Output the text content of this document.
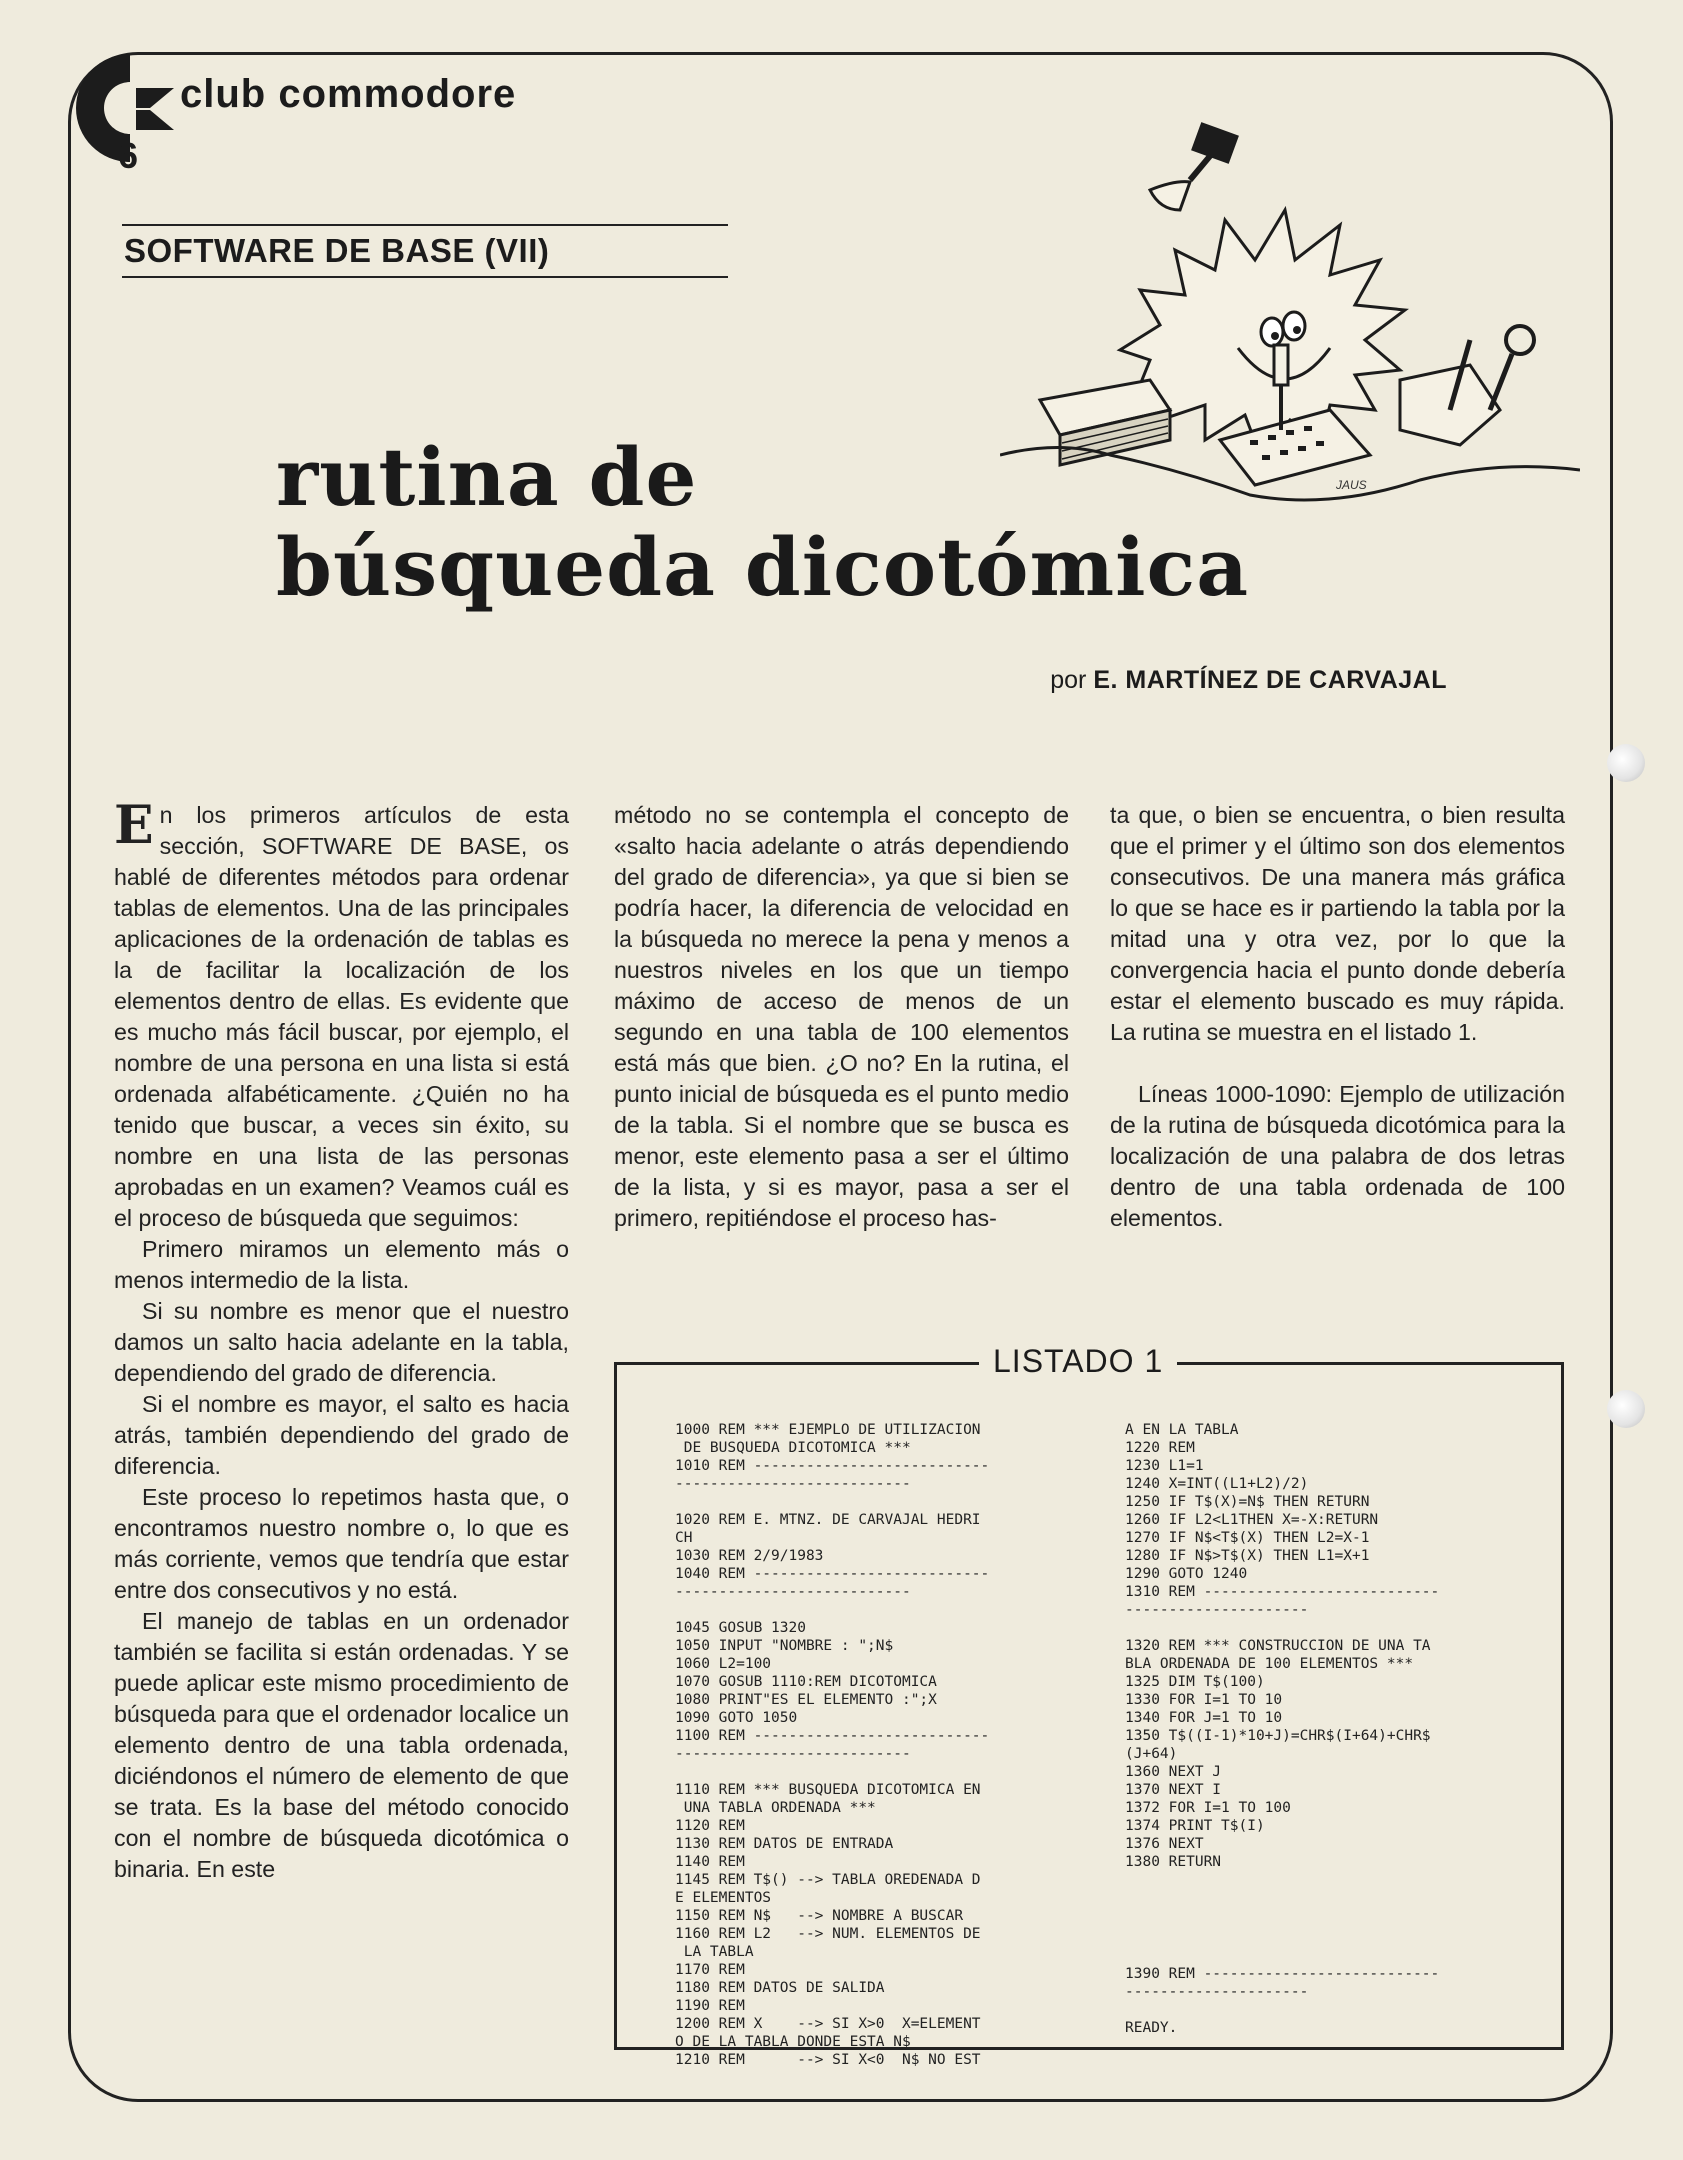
club commodore
6
SOFTWARE DE BASE (VII)
JAUS
rutina de
búsqueda dicotómica
por E. MARTÍNEZ DE CARVAJAL

En los primeros artículos de esta sección, SOFTWARE DE BASE, os hablé de diferentes métodos para ordenar tablas de elementos. Una de las principales aplicaciones de la ordenación de tablas es la de facilitar la localización de los elementos dentro de ellas. Es evidente que es mucho más fácil buscar, por ejemplo, el nombre de una persona en una lista si está ordenada alfabéticamente. ¿Quién no ha tenido que buscar, a veces sin éxito, su nombre en una lista de las personas aprobadas en un examen? Veamos cuál es el proceso de búsqueda que seguimos:

Primero miramos un elemento más o menos intermedio de la lista.

Si su nombre es menor que el nuestro damos un salto hacia adelante en la tabla, dependiendo del grado de diferencia.

Si el nombre es mayor, el salto es hacia atrás, también dependiendo del grado de diferencia.

Este proceso lo repetimos hasta que, o encontramos nuestro nombre o, lo que es más corriente, vemos que tendría que estar entre dos consecutivos y no está.

El manejo de tablas en un ordenador también se facilita si están ordenadas. Y se puede aplicar este mismo procedimiento de búsqueda para que el ordenador localice un elemento dentro de una tabla ordenada, diciéndonos el número de elemento de que se trata. Es la base del método conocido con el nombre de búsqueda dicotómica o binaria. En este

método no se contempla el concepto de «salto hacia adelante o atrás dependiendo del grado de diferencia», ya que si bien se podría hacer, la diferencia de velocidad en la búsqueda no merece la pena y menos a nuestros niveles en los que un tiempo máximo de acceso de menos de un segundo en una tabla de 100 elementos está más que bien. ¿O no? En la rutina, el punto inicial de búsqueda es el punto medio de la tabla. Si el nombre que se busca es menor, este elemento pasa a ser el último de la lista, y si es mayor, pasa a ser el primero, repitiéndose el proceso has-

ta que, o bien se encuentra, o bien resulta que el primer y el último son dos elementos consecutivos. De una manera más gráfica lo que se hace es ir partiendo la tabla por la mitad una y otra vez, por lo que la convergencia hacia el punto donde debería estar el elemento buscado es muy rápida. La rutina se muestra en el listado 1.

Líneas 1000-1090: Ejemplo de utilización de la rutina de búsqueda dicotómica para la localización de una palabra de dos letras dentro de una tabla ordenada de 100 elementos.

LISTADO 1
1000 REM *** EJEMPLO DE UTILIZACION
DE BUSQUEDA DICOTOMICA ***
1010 REM ---------------------------
---------------------------

1020 REM E. MTNZ. DE CARVAJAL HEDRI
CH
1030 REM 2/9/1983
1040 REM ---------------------------
---------------------------

1045 GOSUB 1320
1050 INPUT "NOMBRE : ";N$
1060 L2=100
1070 GOSUB 1110:REM DICOTOMICA
1080 PRINT"ES EL ELEMENTO :";X
1090 GOTO 1050
1100 REM ---------------------------
---------------------------

1110 REM *** BUSQUEDA DICOTOMICA EN
UNA TABLA ORDENADA ***
1120 REM
1130 REM DATOS DE ENTRADA
1140 REM
1145 REM T$() --> TABLA OREDENADA D
E ELEMENTOS
1150 REM N$   --> NOMBRE A BUSCAR
1160 REM L2   --> NUM. ELEMENTOS DE
LA TABLA
1170 REM
1180 REM DATOS DE SALIDA
1190 REM
1200 REM X    --> SI X>0  X=ELEMENT
O DE LA TABLA DONDE ESTA N$
1210 REM      --> SI X<0  N$ NO EST
A EN LA TABLA
1220 REM
1230 L1=1
1240 X=INT((L1+L2)/2)
1250 IF T$(X)=N$ THEN RETURN
1260 IF L2<L1THEN X=-X:RETURN
1270 IF N$<T$(X) THEN L2=X-1
1280 IF N$>T$(X) THEN L1=X+1
1290 GOTO 1240
1310 REM ---------------------------
---------------------

1320 REM *** CONSTRUCCION DE UNA TA
BLA ORDENADA DE 100 ELEMENTOS ***
1325 DIM T$(100)
1330 FOR I=1 TO 10
1340 FOR J=1 TO 10
1350 T$((I-1)*10+J)=CHR$(I+64)+CHR$
(J+64)
1360 NEXT J
1370 NEXT I
1372 FOR I=1 TO 100
1374 PRINT T$(I)
1376 NEXT
1380 RETURN
1390 REM ---------------------------
---------------------

READY.
